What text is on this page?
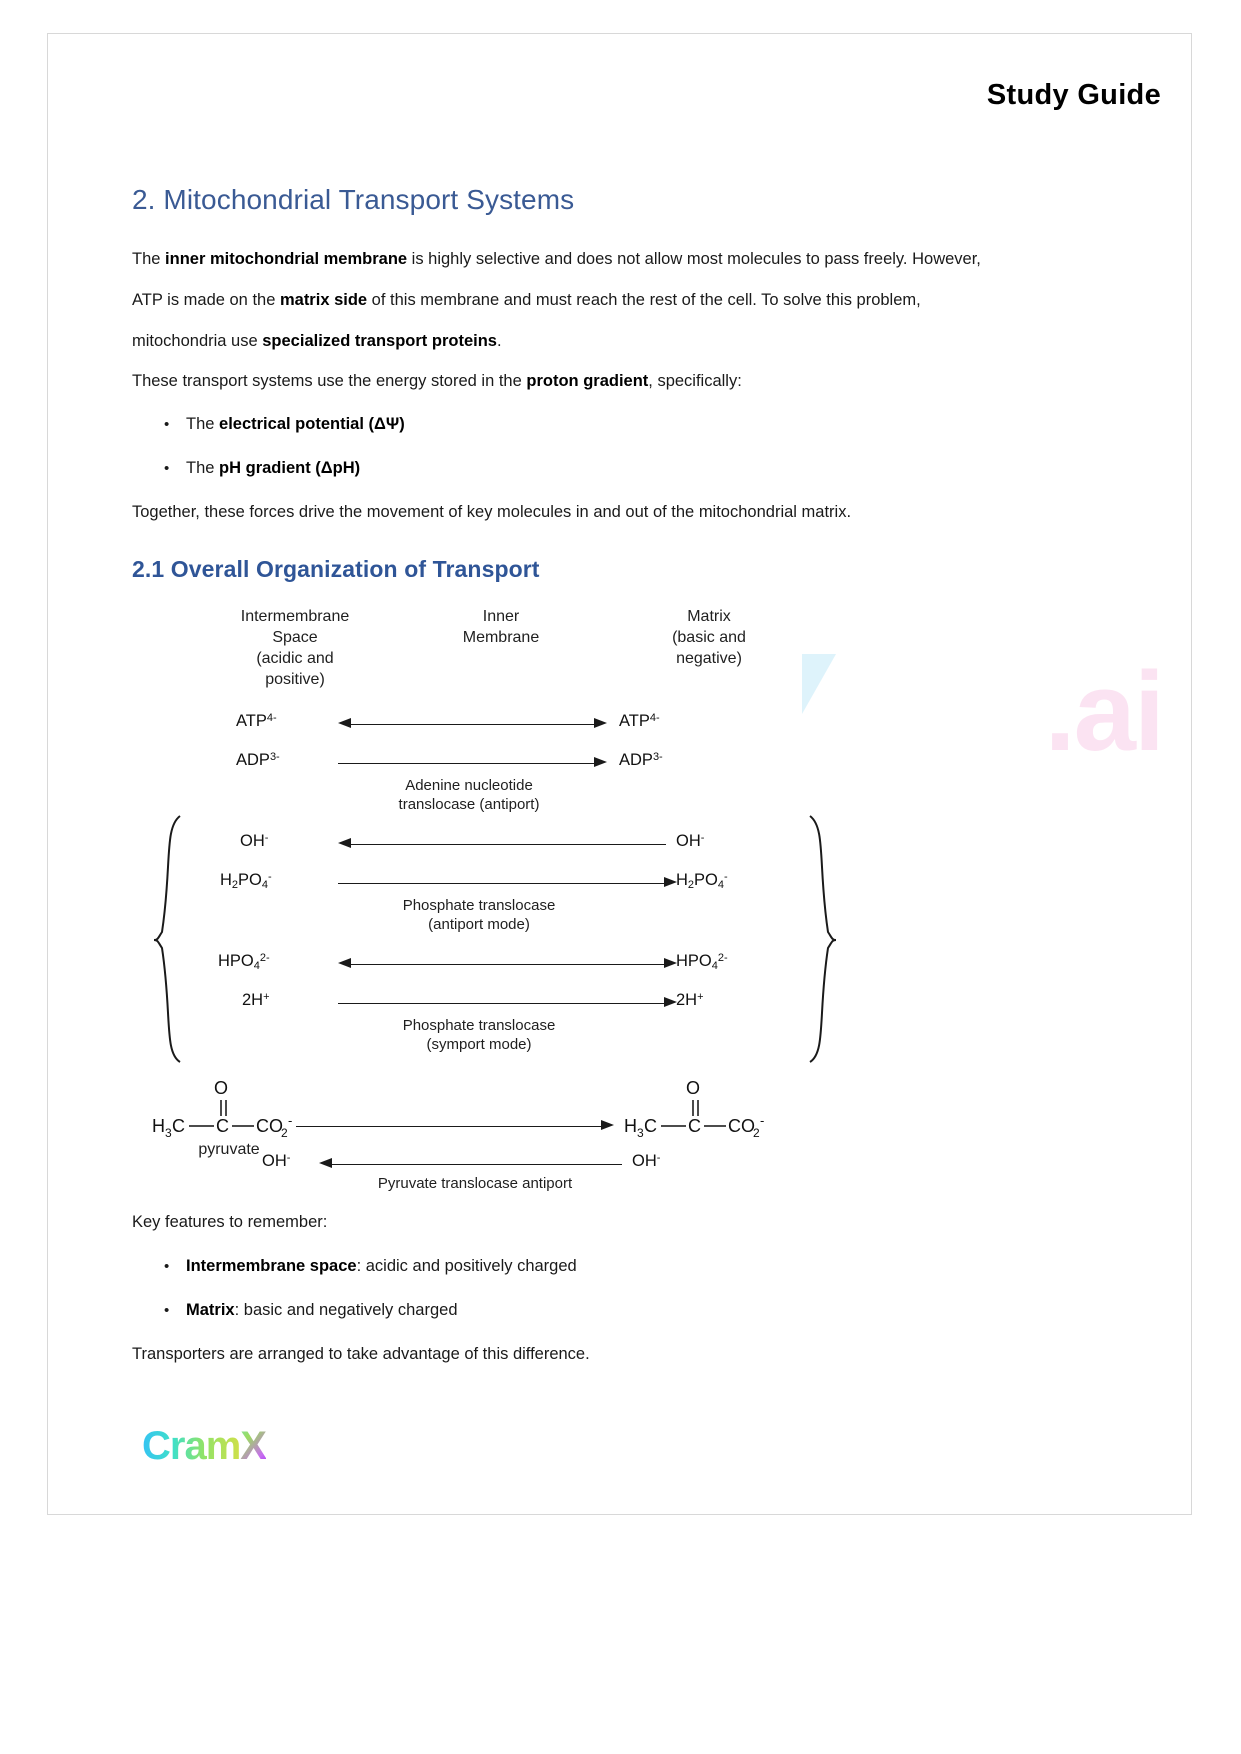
Study Guide
2. Mitochondrial Transport Systems
The inner mitochondrial membrane is highly selective and does not allow most molecules to pass freely. However, ATP is made on the matrix side of this membrane and must reach the rest of the cell. To solve this problem, mitochondria use specialized transport proteins.
These transport systems use the energy stored in the proton gradient, specifically:
• The electrical potential (ΔΨ)
• The pH gradient (ΔpH)
Together, these forces drive the movement of key molecules in and out of the mitochondrial matrix.
2.1 Overall Organization of Transport
Intermembrane
Space
(acidic and
positive)
Inner
Membrane
Matrix
(basic and
negative)
$ATP^{4-}$	$ATP^{4-}$
$ADP^{3-}$	$ADP^{3-}$
Adenine nucleotide
translocase (antiport)
OH-	OH-
$H_2PO_4^-$	$H_2PO_4^-$
Phosphate translocase
(antiport mode)
$HPO_4^{2-}$	$HPO_4^{2-}$
2H+	2H+
Phosphate translocase
(symport mode)
H 3 C C
O
CO
2
-
pyruvate
H 3 C C
O
CO
2
-
OH-	OH-
Pyruvate translocase antiport
.ai
Key features to remember:
• Intermembrane space: acidic and positively charged
• Matrix: basic and negatively charged
Transporters are arranged to take advantage of this difference.
CramX
